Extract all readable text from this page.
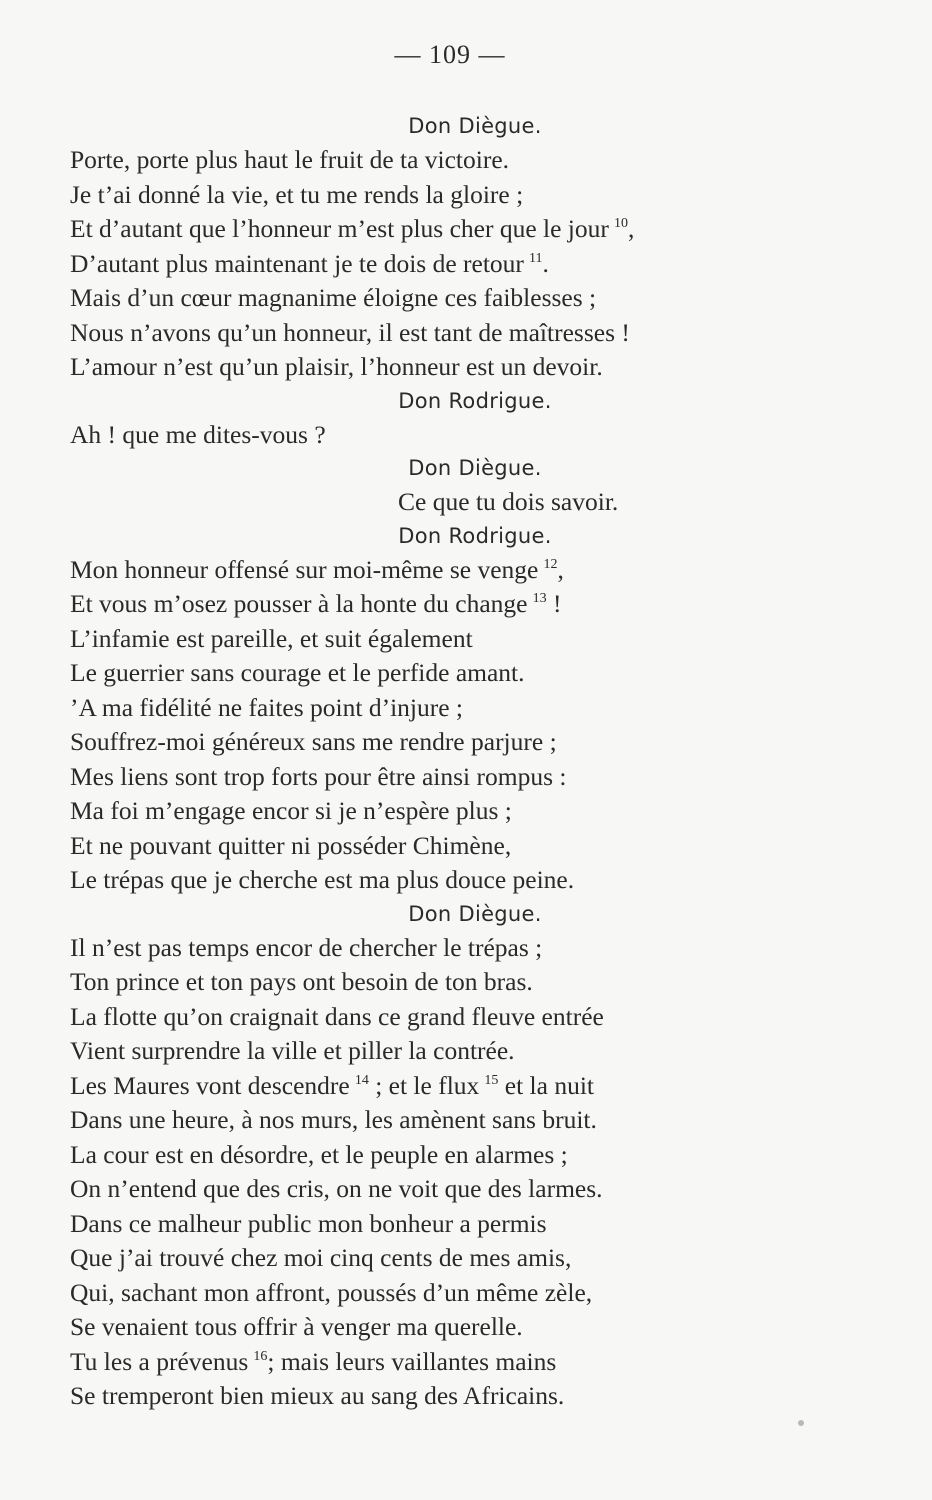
— 109 —
Don Diègue.
Porte, porte plus haut le fruit de ta victoire.
Je t’ai donné la vie, et tu me rends la gloire ;
Et d’autant que l’honneur m’est plus cher que le jour  $^{10}$,
D’autant plus maintenant je te dois de retour  $^{11}$.
Mais d’un cœur magnanime éloigne ces faiblesses ;
Nous n’avons qu’un honneur, il est tant de maîtresses !
L’amour n’est qu’un plaisir, l’honneur est un devoir.
Don Rodrigue.
Ah ! que me dites-vous ?
Don Diègue.
Ce que tu dois savoir.
Don Rodrigue.
Mon honneur offensé sur moi-même se venge  $^{12}$,
Et vous m’osez pousser à la honte du change  $^{13}$ !
L’infamie est pareille, et suit également
Le guerrier sans courage et le perfide amant.
’A ma fidélité ne faites point d’injure ;
Souffrez-moi généreux sans me rendre parjure ;
Mes liens sont trop forts pour être ainsi rompus :
Ma foi m’engage encor si je n’espère plus ;
Et ne pouvant quitter ni posséder Chimène,
Le trépas que je cherche est ma plus douce peine.
Don Diègue.
Il n’est pas temps encor de chercher le trépas ;
Ton prince et ton pays ont besoin de ton bras.
La flotte qu’on craignait dans ce grand fleuve entrée
Vient surprendre la ville et piller la contrée.
Les Maures vont descendre  $^{14}$ ; et le flux  $^{15}$ et la nuit
Dans une heure, à nos murs, les amènent sans bruit.
La cour est en désordre, et le peuple en alarmes ;
On n’entend que des cris, on ne voit que des larmes.
Dans ce malheur public mon bonheur a permis
Que j’ai trouvé chez moi cinq cents de mes amis,
Qui, sachant mon affront, poussés d’un même zèle,
Se venaient tous offrir à venger ma querelle.
Tu les a prévenus  $^{16}$; mais leurs vaillantes mains
Se tremperont bien mieux au sang des Africains.
